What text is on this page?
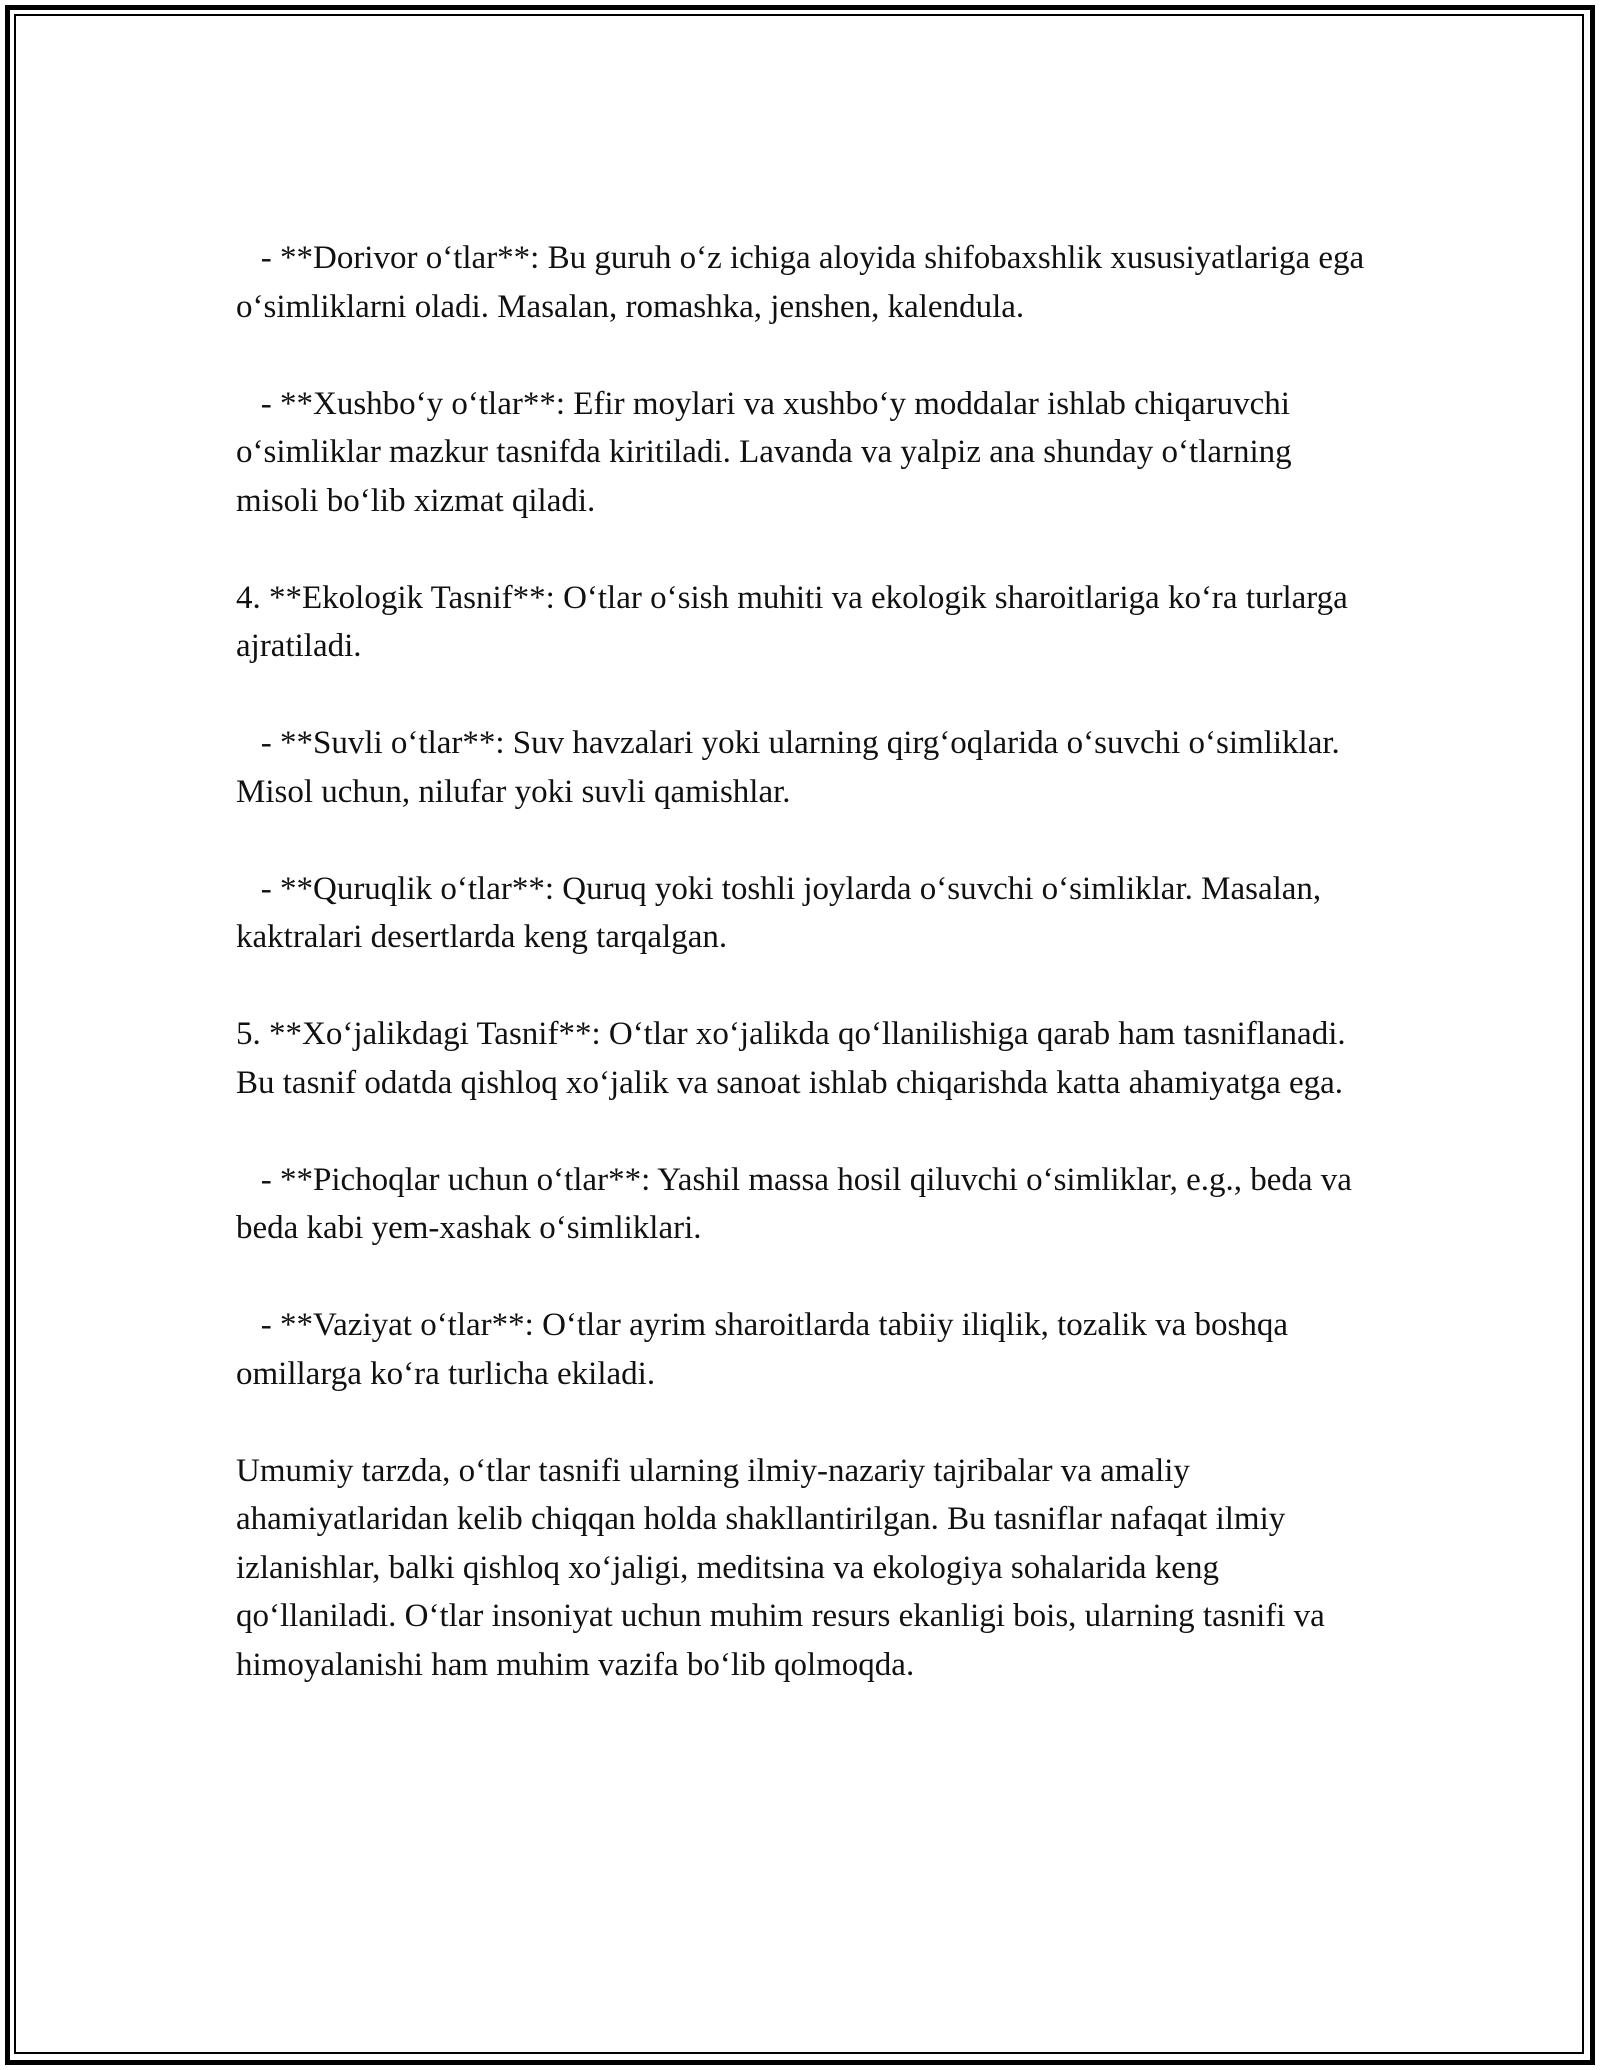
- **Dorivor o‘tlar**: Bu guruh o‘z ichiga aloyida shifobaxshlik xususiyatlariga ega o‘simliklarni oladi. Masalan, romashka, jenshen, kalendula.

- **Xushbo‘y o‘tlar**: Efir moylari va xushbo‘y moddalar ishlab chiqaruvchi o‘simliklar mazkur tasnifda kiritiladi. Lavanda va yalpiz ana shunday o‘tlarning misoli bo‘lib xizmat qiladi.

4. **Ekologik Tasnif**: O‘tlar o‘sish muhiti va ekologik sharoitlariga ko‘ra turlarga ajratiladi.

- **Suvli o‘tlar**: Suv havzalari yoki ularning qirg‘oqlarida o‘suvchi o‘simliklar. Misol uchun, nilufar yoki suvli qamishlar.

- **Quruqlik o‘tlar**: Quruq yoki toshli joylarda o‘suvchi o‘simliklar. Masalan, kaktralari desertlarda keng tarqalgan.

5. **Xo‘jalikdagi Tasnif**: O‘tlar xo‘jalikda qo‘llanilishiga qarab ham tasniflanadi. Bu tasnif odatda qishloq xo‘jalik va sanoat ishlab chiqarishda katta ahamiyatga ega.

- **Pichoqlar uchun o‘tlar**: Yashil massa hosil qiluvchi o‘simliklar, e.g., beda va beda kabi yem-xashak o‘simliklari.

- **Vaziyat o‘tlar**: O‘tlar ayrim sharoitlarda tabiiy iliqlik, tozalik va boshqa omillarga ko‘ra turlicha ekiladi.

Umumiy tarzda, o‘tlar tasnifi ularning ilmiy-nazariy tajribalar va amaliy ahamiyatlaridan kelib chiqqan holda shakllantirilgan. Bu tasniflar nafaqat ilmiy izlanishlar, balki qishloq xo‘jaligi, meditsina va ekologiya sohalarida keng qo‘llaniladi. O‘tlar insoniyat uchun muhim resurs ekanligi bois, ularning tasnifi va himoyalanishi ham muhim vazifa bo‘lib qolmoqda.
